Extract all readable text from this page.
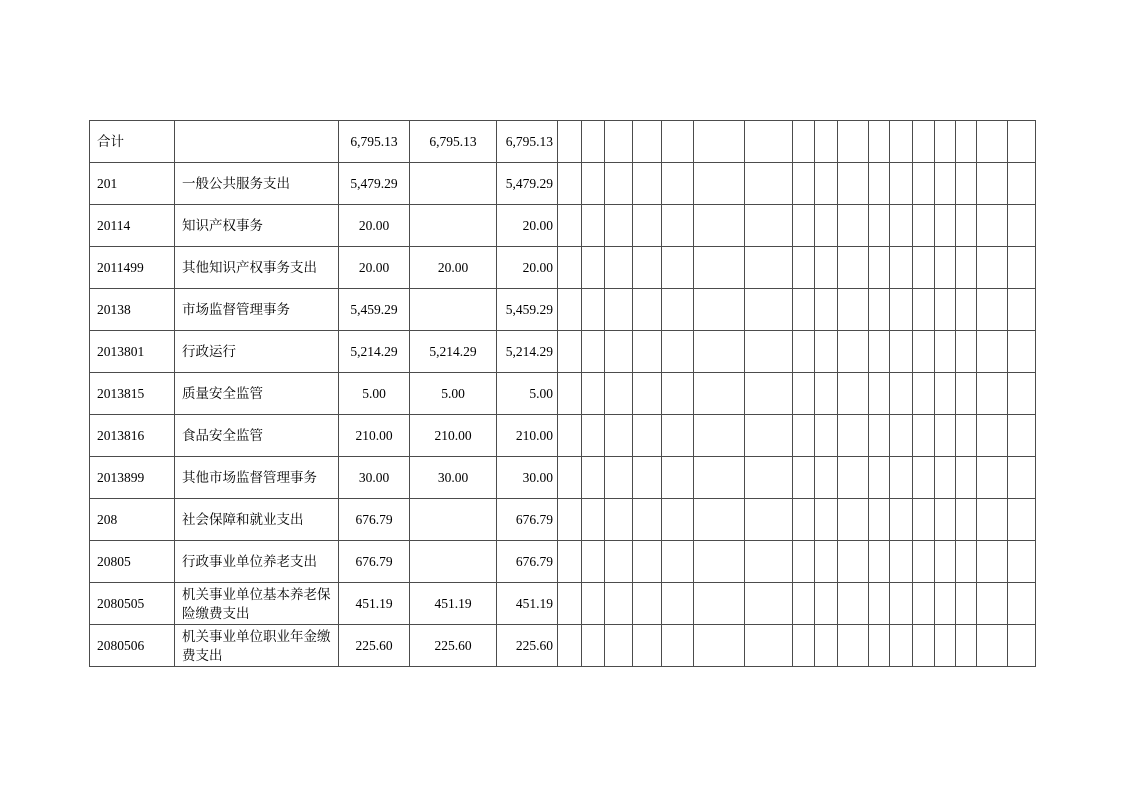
合计		6,795.13	6,795.13	6,795.13																	
201	一般公共服务支出	5,479.29		5,479.29																	
20114	知识产权事务	20.00		20.00																	
2011499	其他知识产权事务支出	20.00	20.00	20.00																	
20138	市场监督管理事务	5,459.29		5,459.29																	
2013801	行政运行	5,214.29	5,214.29	5,214.29																	
2013815	质量安全监管	5.00	5.00	5.00																	
2013816	食品安全监管	210.00	210.00	210.00																	
2013899	其他市场监督管理事务	30.00	30.00	30.00																	
208	社会保障和就业支出	676.79		676.79																	
20805	行政事业单位养老支出	676.79		676.79																	
2080505	机关事业单位基本养老保险缴费支出	451.19	451.19	451.19																	
2080506	机关事业单位职业年金缴费支出	225.60	225.60	225.60																	
